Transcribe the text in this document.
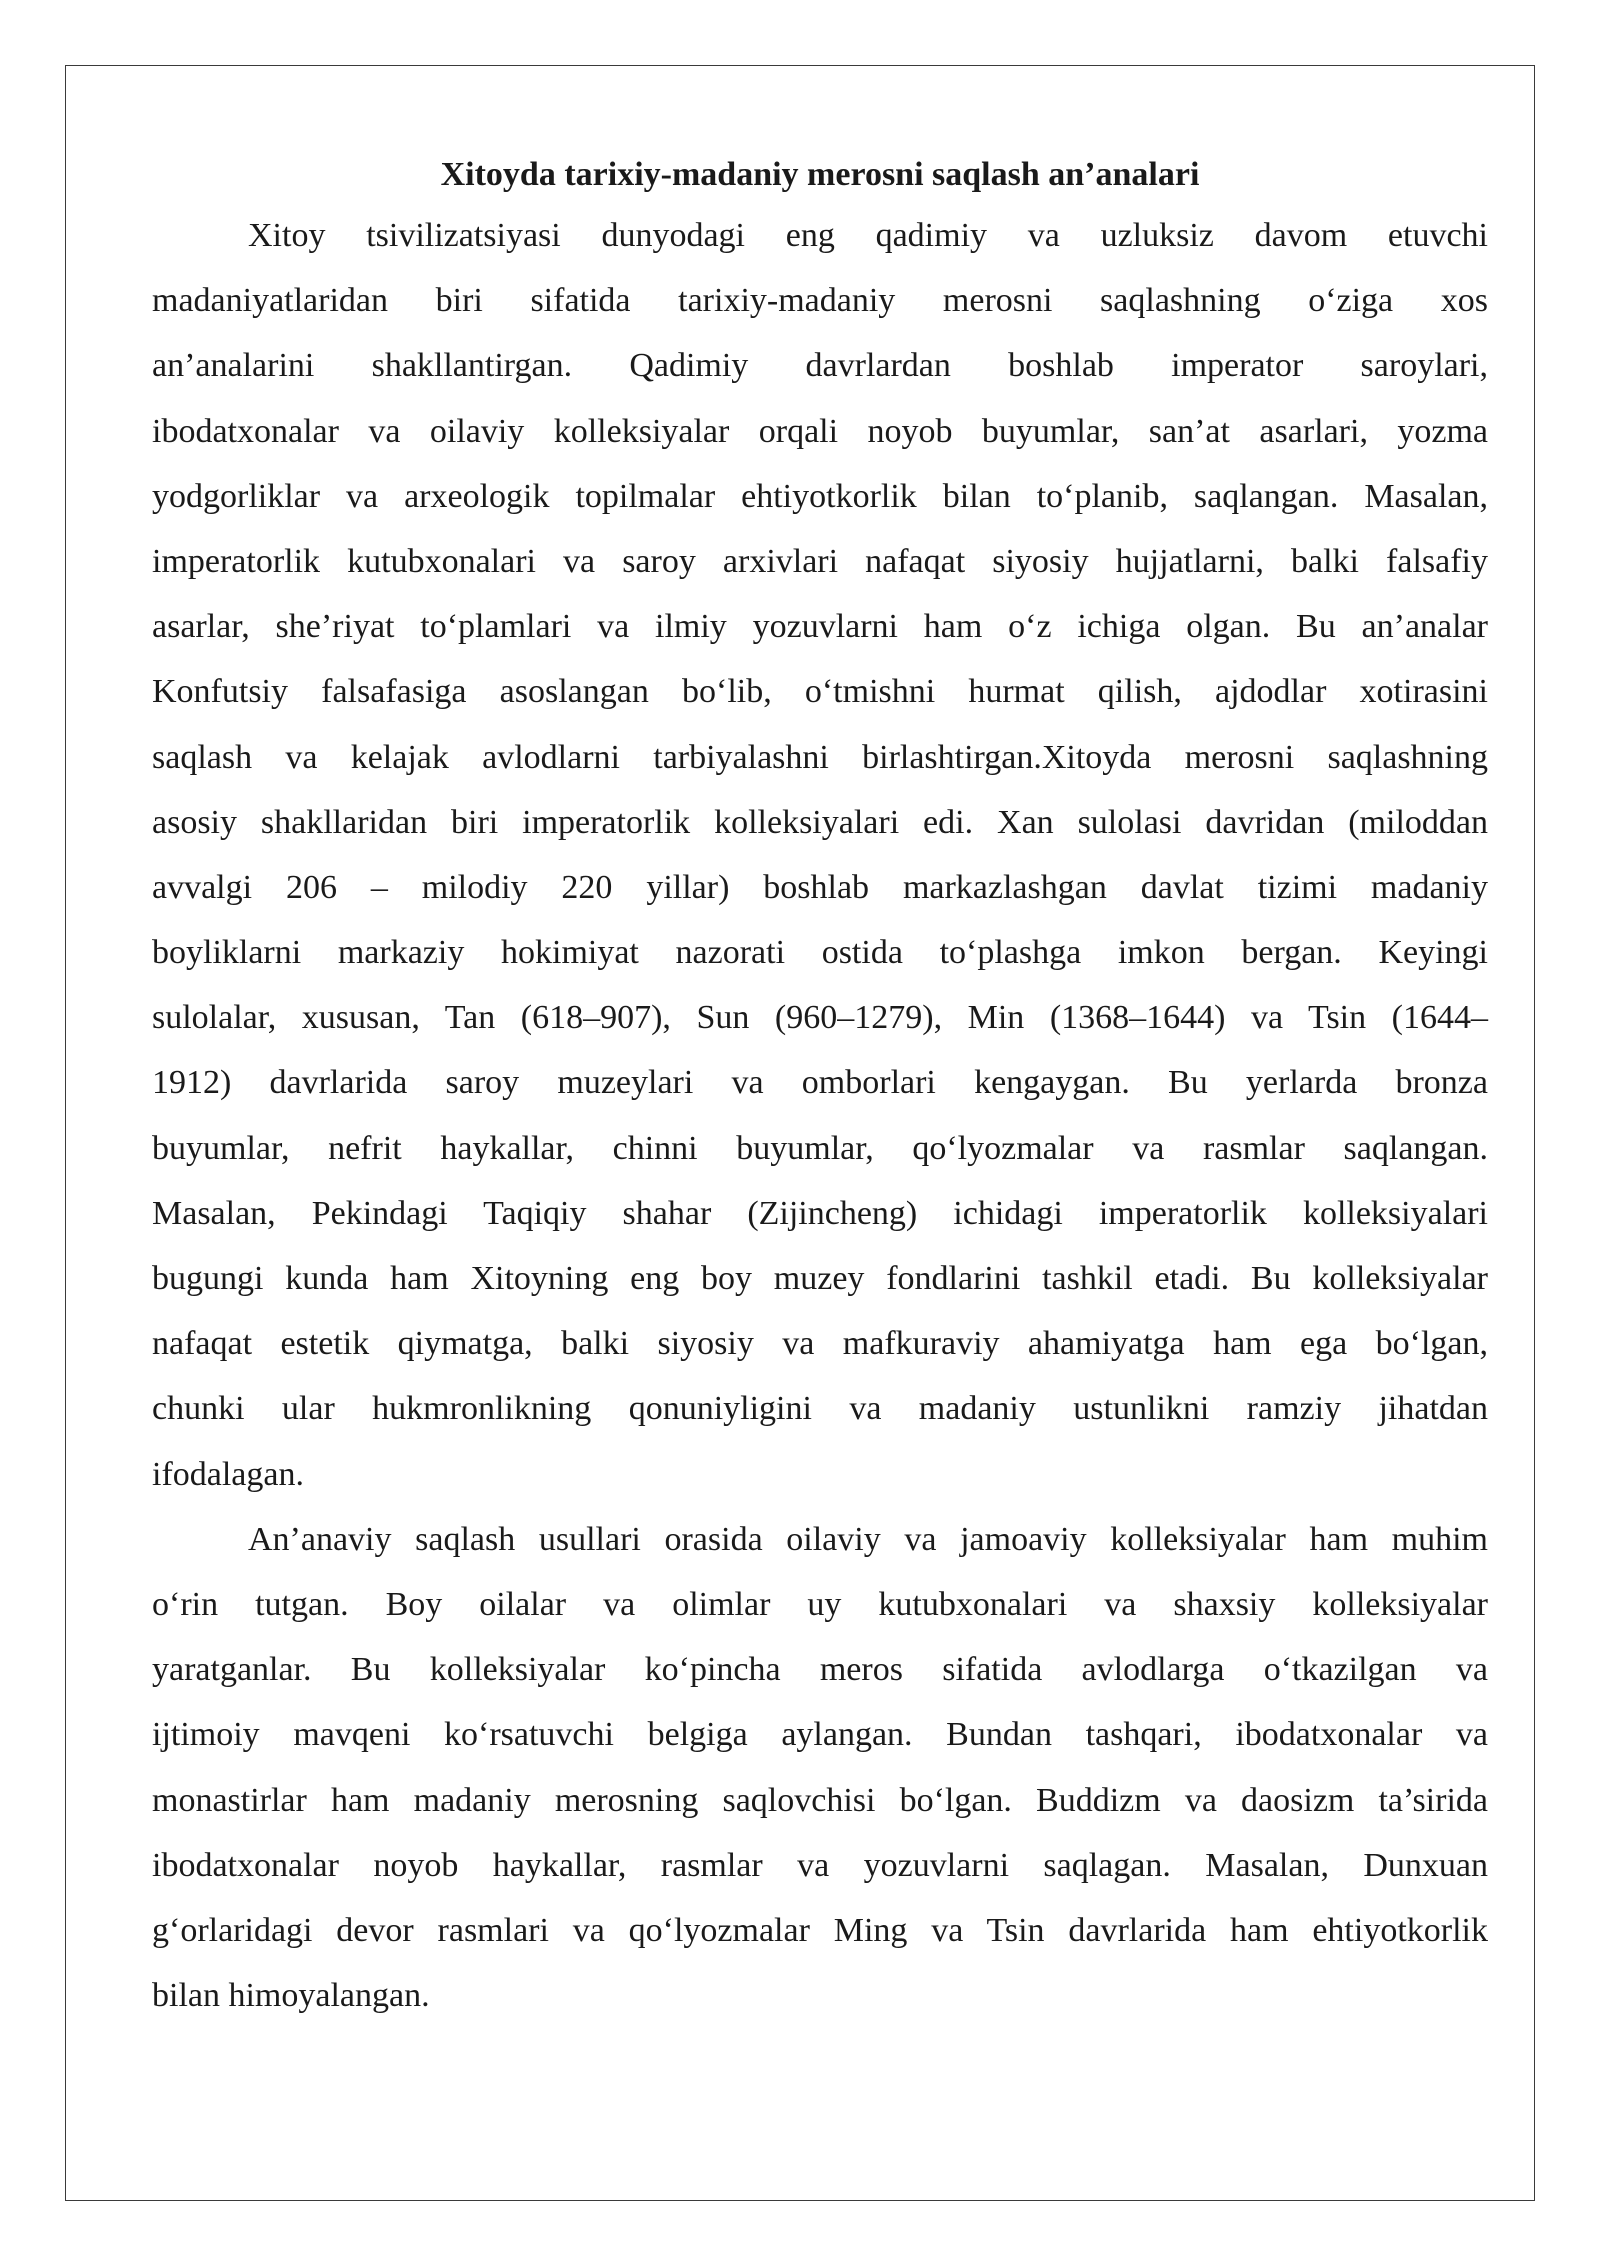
Xitoyda tarixiy-madaniy merosni saqlash an’analari
Xitoy tsivilizatsiyasi dunyodagi eng qadimiy va uzluksiz davom etuvchi
madaniyatlaridan biri sifatida tarixiy-madaniy merosni saqlashning o‘ziga xos
an’analarini shakllantirgan. Qadimiy davrlardan boshlab imperator saroylari,
ibodatxonalar va oilaviy kolleksiyalar orqali noyob buyumlar, san’at asarlari, yozma
yodgorliklar va arxeologik topilmalar ehtiyotkorlik bilan to‘planib, saqlangan. Masalan,
imperatorlik kutubxonalari va saroy arxivlari nafaqat siyosiy hujjatlarni, balki falsafiy
asarlar, she’riyat to‘plamlari va ilmiy yozuvlarni ham o‘z ichiga olgan. Bu an’analar
Konfutsiy falsafasiga asoslangan bo‘lib, o‘tmishni hurmat qilish, ajdodlar xotirasini
saqlash va kelajak avlodlarni tarbiyalashni birlashtirgan.Xitoyda merosni saqlashning
asosiy shakllaridan biri imperatorlik kolleksiyalari edi. Xan sulolasi davridan (miloddan
avvalgi 206 – milodiy 220 yillar) boshlab markazlashgan davlat tizimi madaniy
boyliklarni markaziy hokimiyat nazorati ostida to‘plashga imkon bergan. Keyingi
sulolalar, xususan, Tan (618–907), Sun (960–1279), Min (1368–1644) va Tsin (1644–
1912) davrlarida saroy muzeylari va omborlari kengaygan. Bu yerlarda bronza
buyumlar, nefrit haykallar, chinni buyumlar, qo‘lyozmalar va rasmlar saqlangan.
Masalan, Pekindagi Taqiqiy shahar (Zijincheng) ichidagi imperatorlik kolleksiyalari
bugungi kunda ham Xitoyning eng boy muzey fondlarini tashkil etadi. Bu kolleksiyalar
nafaqat estetik qiymatga, balki siyosiy va mafkuraviy ahamiyatga ham ega bo‘lgan,
chunki ular hukmronlikning qonuniyligini va madaniy ustunlikni ramziy jihatdan
ifodalagan.
An’anaviy saqlash usullari orasida oilaviy va jamoaviy kolleksiyalar ham muhim
o‘rin tutgan. Boy oilalar va olimlar uy kutubxonalari va shaxsiy kolleksiyalar
yaratganlar. Bu kolleksiyalar ko‘pincha meros sifatida avlodlarga o‘tkazilgan va
ijtimoiy mavqeni ko‘rsatuvchi belgiga aylangan. Bundan tashqari, ibodatxonalar va
monastirlar ham madaniy merosning saqlovchisi bo‘lgan. Buddizm va daosizm ta’sirida
ibodatxonalar noyob haykallar, rasmlar va yozuvlarni saqlagan. Masalan, Dunxuan
g‘orlaridagi devor rasmlari va qo‘lyozmalar Ming va Tsin davrlarida ham ehtiyotkorlik
bilan himoyalangan.
